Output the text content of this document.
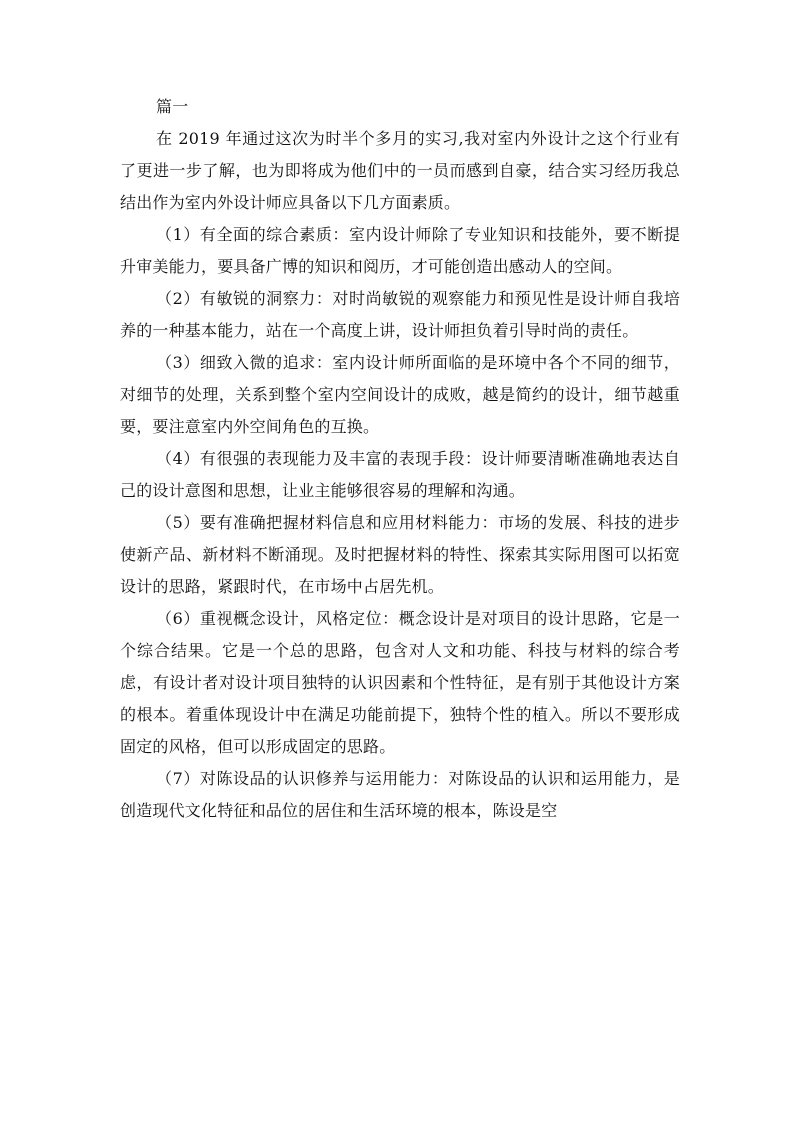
篇一

在 2019 年通过这次为时半个多月的实习,我对室内外设计之这个行业有了更进一步了解，也为即将成为他们中的一员而感到自豪，结合实习经历我总结出作为室内外设计师应具备以下几方面素质。

（1）有全面的综合素质：室内设计师除了专业知识和技能外，要不断提升审美能力，要具备广博的知识和阅历，才可能创造出感动人的空间。

（2）有敏锐的洞察力：对时尚敏锐的观察能力和预见性是设计师自我培养的一种基本能力，站在一个高度上讲，设计师担负着引导时尚的责任。

（3）细致入微的追求：室内设计师所面临的是环境中各个不同的细节，对细节的处理，关系到整个室内空间设计的成败，越是简约的设计，细节越重要，要注意室内外空间角色的互换。

（4）有很强的表现能力及丰富的表现手段：设计师要清晰准确地表达自己的设计意图和思想，让业主能够很容易的理解和沟通。

（5）要有准确把握材料信息和应用材料能力：市场的发展、科技的进步使新产品、新材料不断涌现。及时把握材料的特性、探索其实际用图可以拓宽设计的思路，紧跟时代，在市场中占居先机。

（6）重视概念设计，风格定位：概念设计是对项目的设计思路，它是一个综合结果。它是一个总的思路，包含对人文和功能、科技与材料的综合考虑，有设计者对设计项目独特的认识因素和个性特征，是有别于其他设计方案的根本。着重体现设计中在满足功能前提下，独特个性的植入。所以不要形成固定的风格，但可以形成固定的思路。

（7）对陈设品的认识修养与运用能力：对陈设品的认识和运用能力，是创造现代文化特征和品位的居住和生活环境的根本，陈设是空
